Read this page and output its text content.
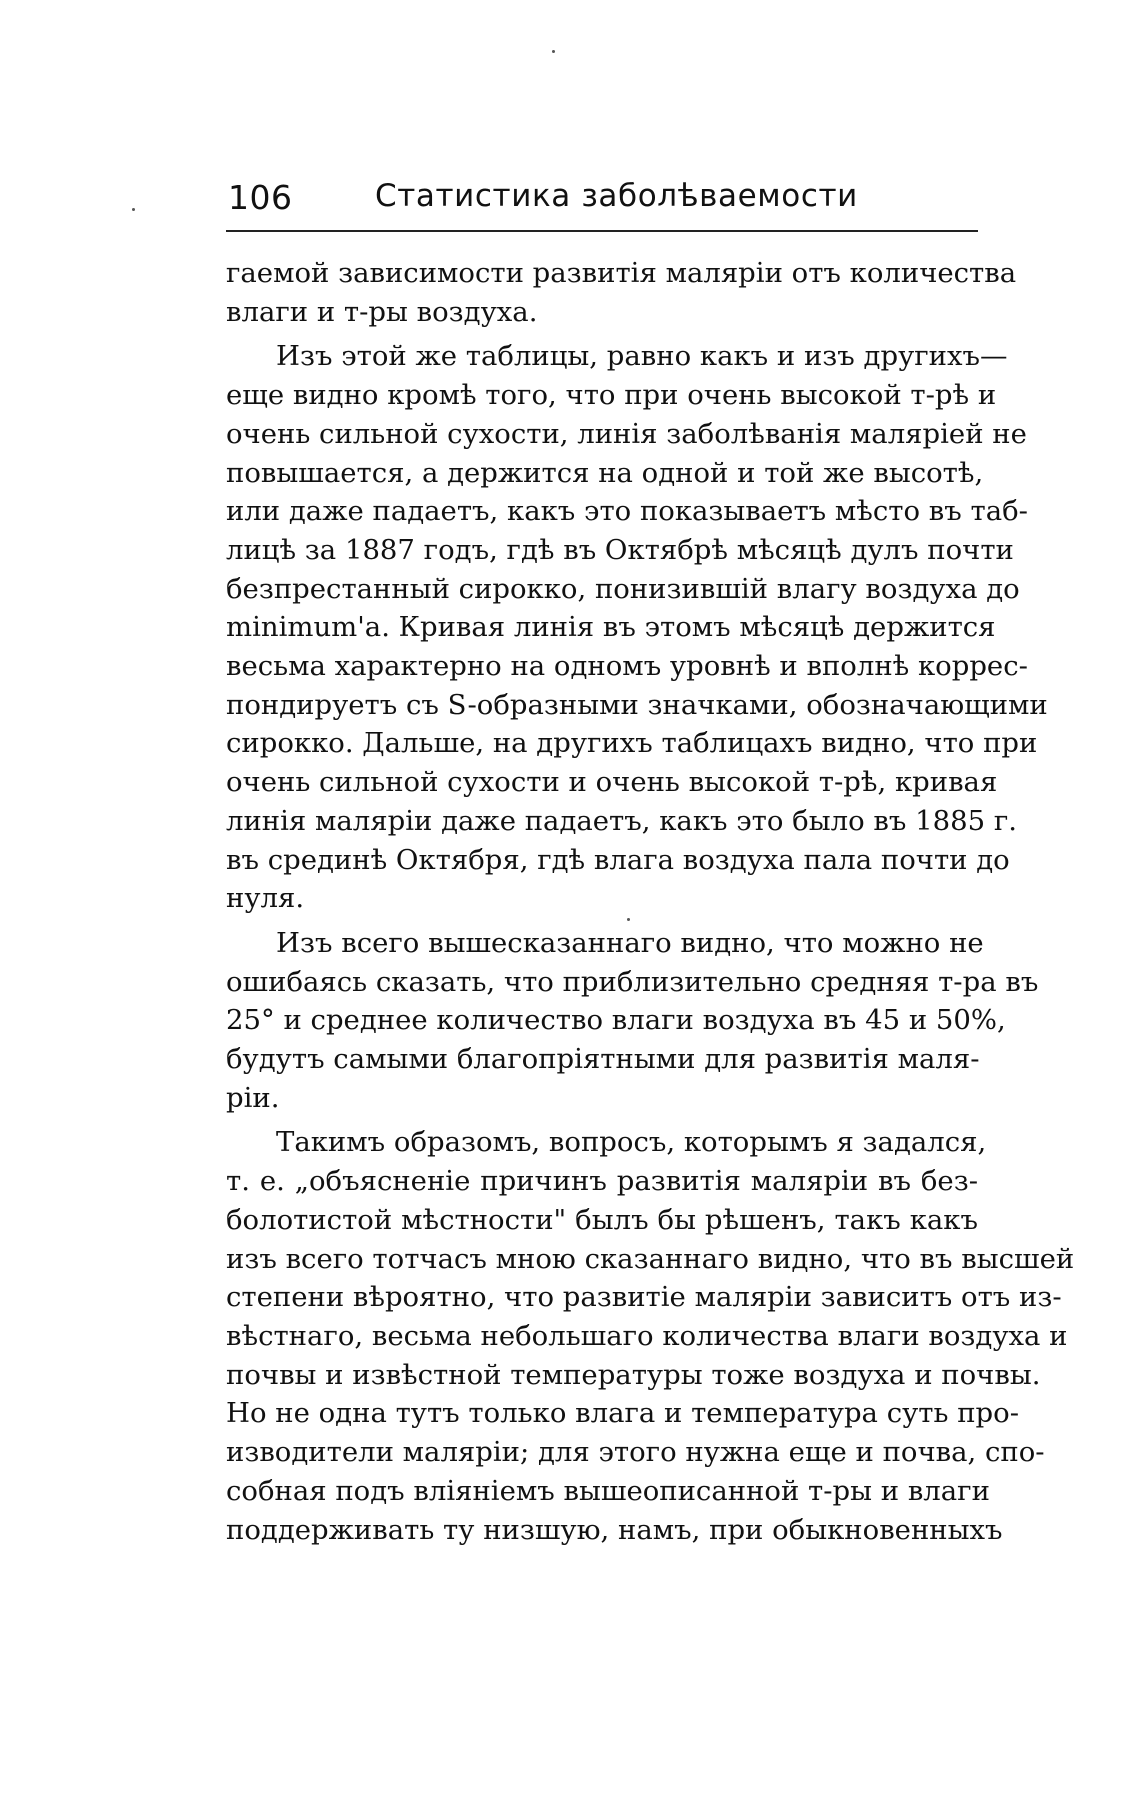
106	Статистика заболѣваемости
гаемой зависимости развитія маляріи отъ количества
влаги и т-ры воздуха.
Изъ этой же таблицы, равно какъ и изъ другихъ—
еще видно кромѣ того, что при очень высокой т-рѣ и
очень сильной сухости, линія заболѣванія маляріей не
повышается, а держится на одной и той же высотѣ,
или даже падаетъ, какъ это показываетъ мѣсто въ таб-
лицѣ за 1887 годъ, гдѣ въ Октябрѣ мѣсяцѣ дулъ почти
безпрестанный сирокко, понизившій влагу воздуха до
minimum'а. Кривая линія въ этомъ мѣсяцѣ держится
весьма характерно на одномъ уровнѣ и вполнѣ коррес-
пондируетъ съ S-образными значками, обозначающими
сирокко. Дальше, на другихъ таблицахъ видно, что при
очень сильной сухости и очень высокой т-рѣ, кривая
линія маляріи даже падаетъ, какъ это было въ 1885 г.
въ срединѣ Октября, гдѣ влага воздуха пала почти до
нуля.
Изъ всего вышесказаннаго видно, что можно не
ошибаясь сказать, что приблизительно средняя т-ра въ
25° и среднее количество влаги воздуха въ 45 и 50%,
будутъ самыми благопріятными для развитія маля-
ріи.
Такимъ образомъ, вопросъ, которымъ я задался,
т. е. „объясненіе причинъ развитія маляріи въ без-
болотистой мѣстности" былъ бы рѣшенъ, такъ какъ
изъ всего тотчасъ мною сказаннаго видно, что въ высшей
степени вѣроятно, что развитіе маляріи зависитъ отъ из-
вѣстнаго, весьма небольшаго количества влаги воздуха и
почвы и извѣстной температуры тоже воздуха и почвы.
Но не одна тутъ только влага и температура суть про-
изводители маляріи; для этого нужна еще и почва, спо-
собная подъ вліяніемъ вышеописанной т-ры и влаги
поддерживать ту низшую, намъ, при обыкновенныхъ
